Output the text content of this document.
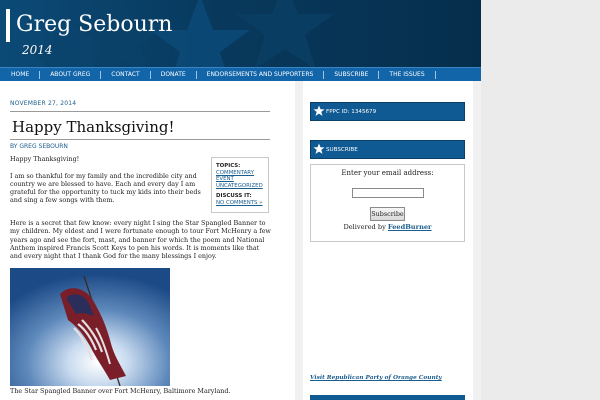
Greg Sebourn
2014
HOME	ABOUT GREG	CONTACT	DONATE	ENDORSEMENTS AND SUPPORTERS	SUBSCRIBE	THE ISSUES
NOVEMBER 27, 2014
Happy Thanksgiving!
BY GREG SEBOURN

Happy Thanksgiving!

I am so thankful for my family and the incredible city and country we are blessed to have. Each and every day I am grateful for the opportunity to tuck my kids into their beds and sing a few songs with them.

Here is a secret that few know: every night I sing the Star Spangled Banner to my children. My eldest and I were fortunate enough to tour Fort McHenry a few years ago and see the fort, mast, and banner for which the poem and National Anthem inspired Francis Scott Keys to pen his words. It is moments like that and every night that I thank God for the many blessings I enjoy.

TOPICS:
COMMENTARY
EVENT
UNCATEGORIZED
DISCUSS IT:
NO COMMENTS »
The Star Spangled Banner over Fort McHenry, Baltimore Maryland.
FPPC ID: 1345679
SUBSCRIBE
Enter your email address:
Subscribe
Delivered by FeedBurner
Visit Republican Party of Orange County
